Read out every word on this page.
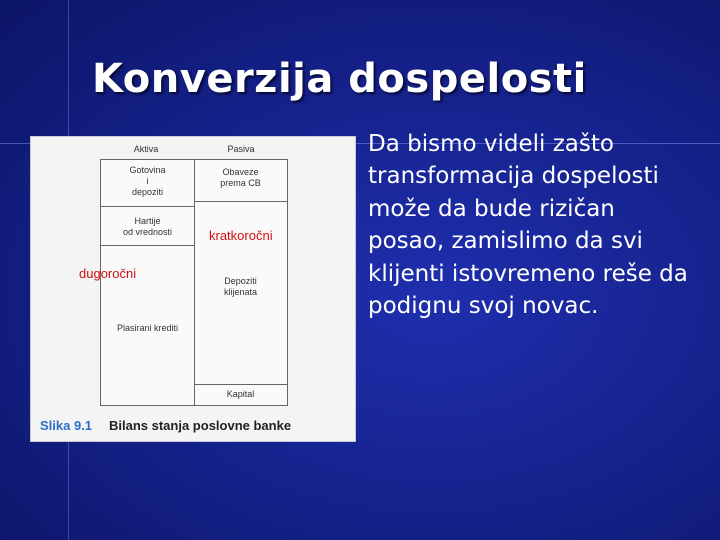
Konverzija dospelosti
Aktiva	Pasiva
Gotovina
i
depoziti
Hartije
od vrednosti
Plasirani krediti
Obaveze
prema CB
Depoziti
klijenata
Kapital
kratkoročni
dugoročni
Slika 9.1 Bilans stanja poslovne banke

Da bismo videli zašto transformacija dospelosti može da bude rizičan posao, zamislimo da svi klijenti istovremeno reše da podignu svoj novac.
